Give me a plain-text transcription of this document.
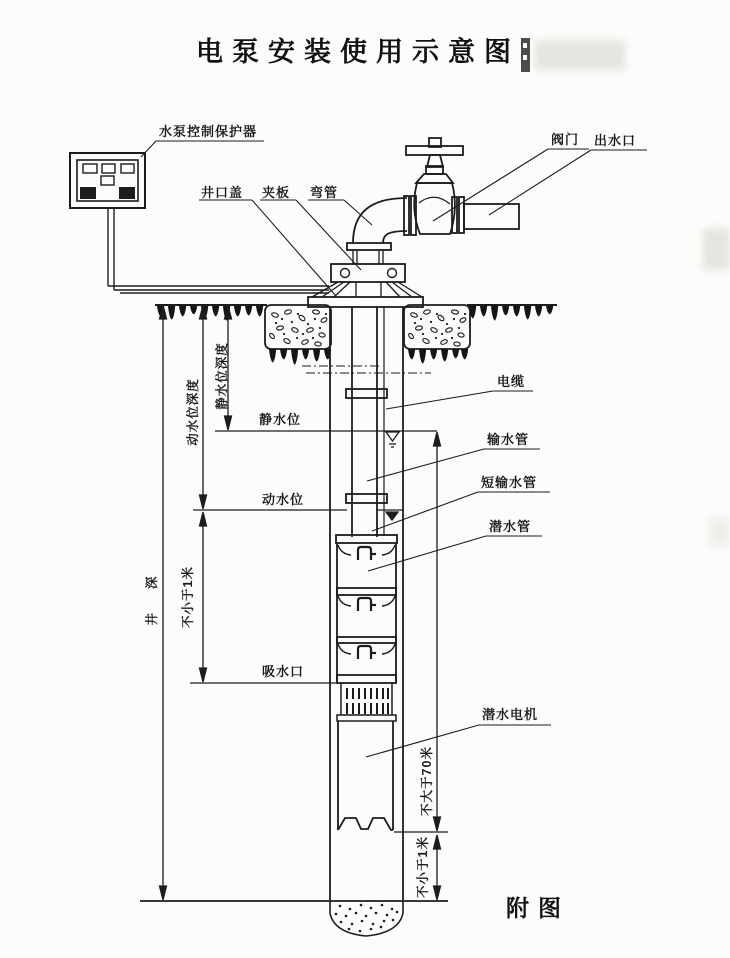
电泵安装使用示意图
水泵控制保护器
井口盖 夹板 弯管
阀门 出水口
电缆
静水位
输水管
动水位
短输水管
潜水管
吸水口
潜水电机
静水位深度
动水位深度
井深 不小于1米
不大于70米
不小于1米
附图
